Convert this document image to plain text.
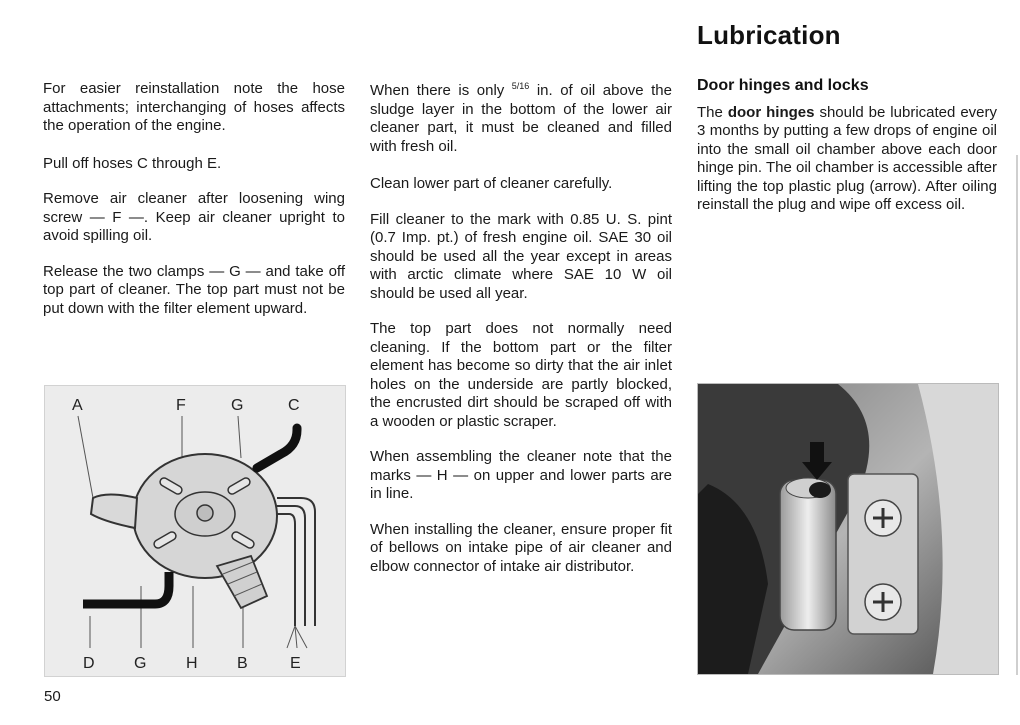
Lubrication

For easier reinstallation note the hose attachments; interchanging of hoses affects the operation of the engine.

Pull off hoses C through E.

Remove air cleaner after loosening wing screw — F —. Keep air cleaner upright to avoid spilling oil.

Release the two clamps — G — and take off top part of cleaner. The top part must not be put down with the filter element upward.

When there is only $^{5/16}$ in. of oil above the sludge layer in the bottom of the lower air cleaner part, it must be cleaned and filled with fresh oil.

Clean lower part of cleaner carefully.

Fill cleaner to the mark with 0.85 U. S. pint (0.7 Imp. pt.) of fresh engine oil. SAE 30 oil should be used all the year except in areas with arctic climate where SAE 10 W oil should be used all year.

The top part does not normally need cleaning. If the bottom part or the filter element has become so dirty that the air inlet holes on the underside are partly blocked, the encrusted dirt should be scraped off with a wooden or plastic scraper.

When assembling the cleaner note that the marks — H — on upper and lower parts are in line.

When installing the cleaner, ensure proper fit of bellows on intake pipe of air cleaner and elbow connector of intake air distributor.

Door hinges and locks

The door hinges should be lubricated every 3 months by putting a few drops of engine oil into the small oil chamber above each door hinge pin. The oil chamber is accessible after lifting the top plastic plug (arrow). After oiling reinstall the plug and wipe off excess oil.

A	F	G	C
D G H B	E
50
